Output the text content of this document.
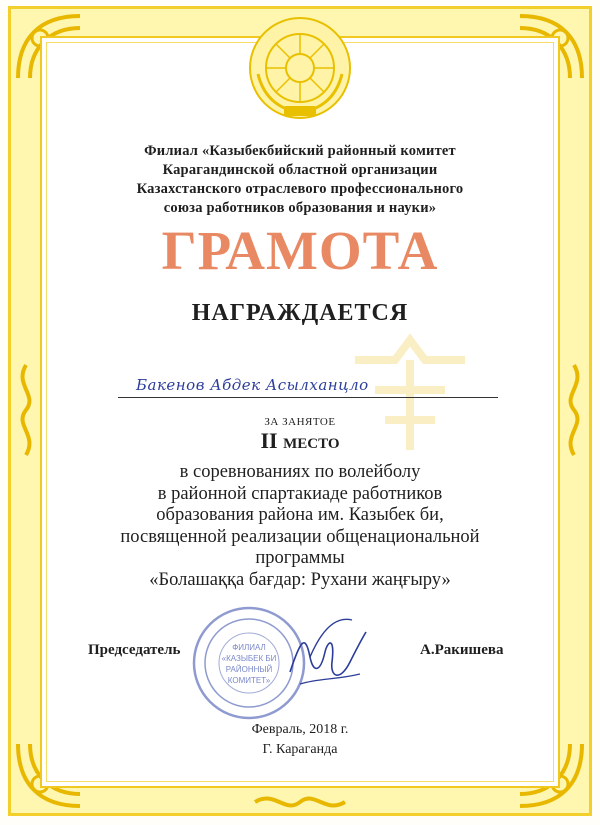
Филиал «Казыбекбийский районный комитет
Карагандинской областной организации
Казахстанского отраслевого профессионального
союза работников образования и науки»
ГРАМОТА
НАГРАЖДАЕТСЯ
Бакенов Абдек Асылханцло
ЗА ЗАНЯТОЕ
II место
в соревнованиях по волейболу
в районной спартакиаде работников
образования района им. Казыбек би,
посвященной реализации общенациональной
программы
«Болашаққа бағдар: Рухани жаңғыру»
ФИЛИАЛ
«КАЗЫБЕК БИ
РАЙОННЫЙ
КОМИТЕТ»
Председатель	А.Ракишева
Февраль, 2018 г.
Г. Караганда
